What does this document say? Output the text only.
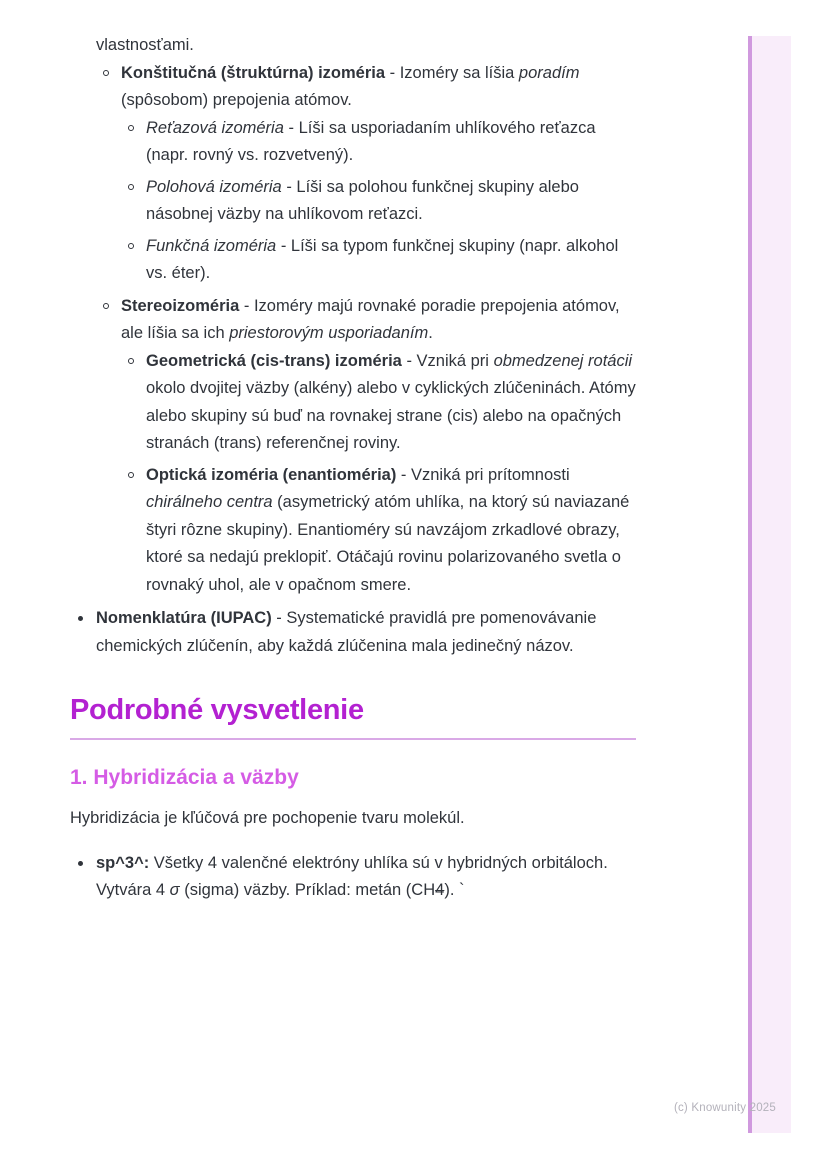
vlastnosťami.

Konštitučná (štruktúrna) izoméria - Izoméry sa líšia poradím (spôsobom) prepojenia atómov.
Reťazová izoméria - Líši sa usporiadaním uhlíkového reťazca (napr. rovný vs. rozvetvený).
Polohová izoméria - Líši sa polohou funkčnej skupiny alebo násobnej väzby na uhlíkovom reťazci.
Funkčná izoméria - Líši sa typom funkčnej skupiny (napr. alkohol vs. éter).
Stereoizoméria - Izoméry majú rovnaké poradie prepojenia atómov, ale líšia sa ich priestorovým usporiadaním.
Geometrická (cis-trans) izoméria - Vzniká pri obmedzenej rotácii okolo dvojitej väzby (alkény) alebo v cyklických zlúčeninách. Atómy alebo skupiny sú buď na rovnakej strane (cis) alebo na opačných stranách (trans) referenčnej roviny.
Optická izoméria (enantioméria) - Vzniká pri prítomnosti chirálneho centra (asymetrický atóm uhlíka, na ktorý sú naviazané štyri rôzne skupiny). Enantioméry sú navzájom zrkadlové obrazy, ktoré sa nedajú preklopiť. Otáčajú rovinu polarizovaného svetla o rovnaký uhol, ale v opačnom smere.
Nomenklatúra (IUPAC) - Systematické pravidlá pre pomenovávanie chemických zlúčenín, aby každá zlúčenina mala jedinečný názov.
Podrobné vysvetlenie
1. Hybridizácia a väzby

Hybridizácia je kľúčová pre pochopenie tvaru molekúl.

sp^3^: Všetky 4 valenčné elektróny uhlíka sú v hybridných orbitáloch. Vytvára 4 σ (sigma) väzby. Príklad: metán (CH4). `
(c) Knowunity 2025
